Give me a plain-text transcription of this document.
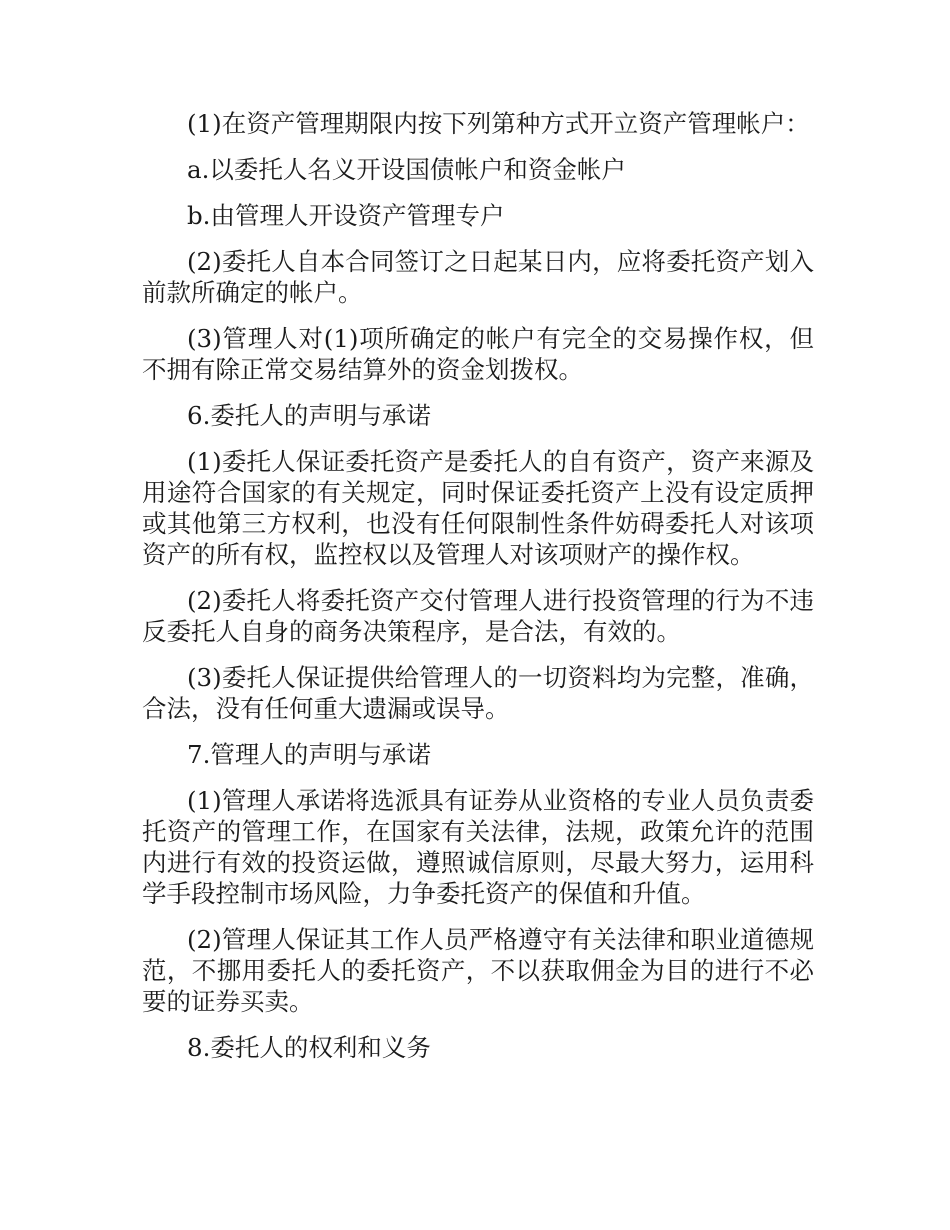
(1)在资产管理期限内按下列第种方式开立资产管理帐户：

a.以委托人名义开设国债帐户和资金帐户

b.由管理人开设资产管理专户

(2)委托人自本合同签订之日起某日内，应将委托资产划入前款所确定的帐户。

(3)管理人对(1)项所确定的帐户有完全的交易操作权，但不拥有除正常交易结算外的资金划拨权。

6.委托人的声明与承诺

(1)委托人保证委托资产是委托人的自有资产，资产来源及用途符合国家的有关规定，同时保证委托资产上没有设定质押或其他第三方权利，也没有任何限制性条件妨碍委托人对该项资产的所有权，监控权以及管理人对该项财产的操作权。

(2)委托人将委托资产交付管理人进行投资管理的行为不违反委托人自身的商务决策程序，是合法，有效的。

(3)委托人保证提供给管理人的一切资料均为完整，准确，合法，没有任何重大遗漏或误导。

7.管理人的声明与承诺

(1)管理人承诺将选派具有证券从业资格的专业人员负责委托资产的管理工作，在国家有关法律，法规，政策允许的范围内进行有效的投资运做，遵照诚信原则，尽最大努力，运用科学手段控制市场风险，力争委托资产的保值和升值。

(2)管理人保证其工作人员严格遵守有关法律和职业道德规范，不挪用委托人的委托资产，不以获取佣金为目的进行不必要的证券买卖。

8.委托人的权利和义务
